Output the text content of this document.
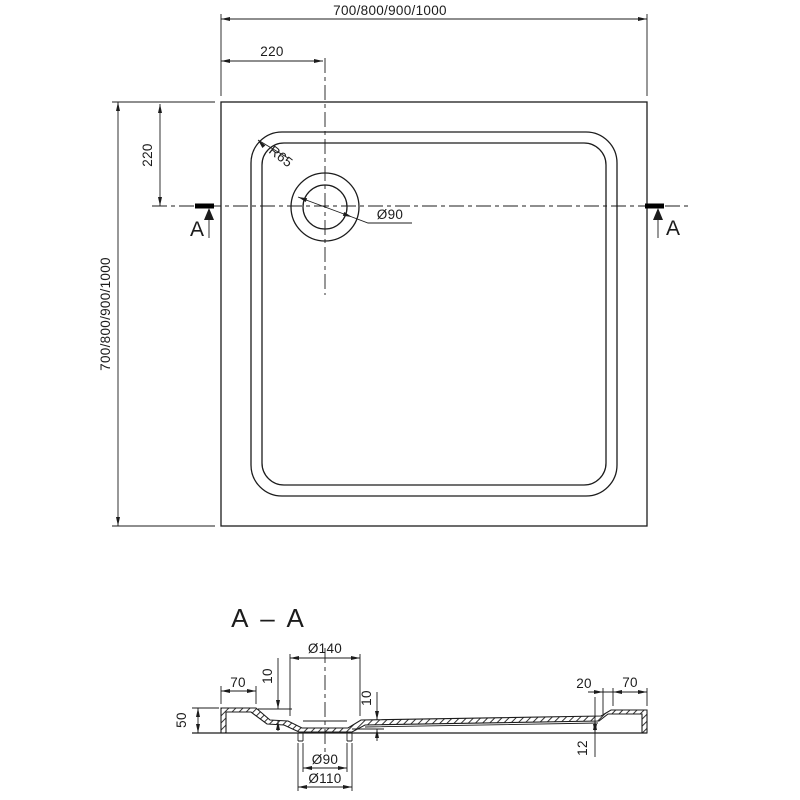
700/800/900/1000
220
700/800/900/1000
220	R65
Ø90
A	A
A – A
Ø140
70 10
10
50
20 70
12
Ø90
Ø110
